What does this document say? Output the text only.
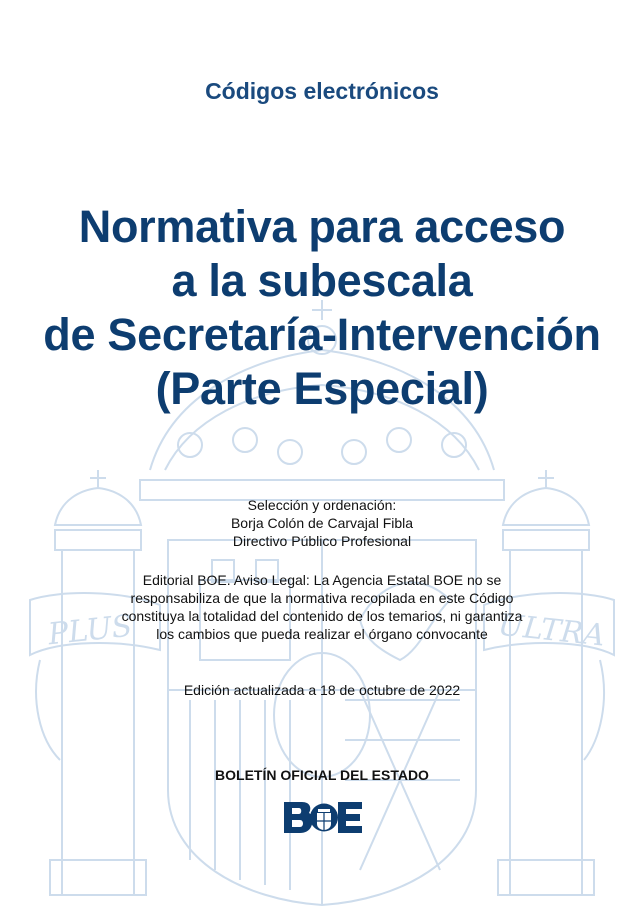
PLUS	ULTRA
Códigos electrónicos
Normativa para acceso
a la subescala
de Secretaría-Intervención
(Parte Especial)
Selección y ordenación:
Borja Colón de Carvajal Fibla
Directivo Público Profesional
Editorial BOE. Aviso Legal: La Agencia Estatal BOE no se
responsabiliza de que la normativa recopilada en este Código
constituya la totalidad del contenido de los temarios, ni garantiza
los cambios que pueda realizar el órgano convocante
Edición actualizada a 18 de octubre de 2022
BOLETÍN OFICIAL DEL ESTADO
BOE
